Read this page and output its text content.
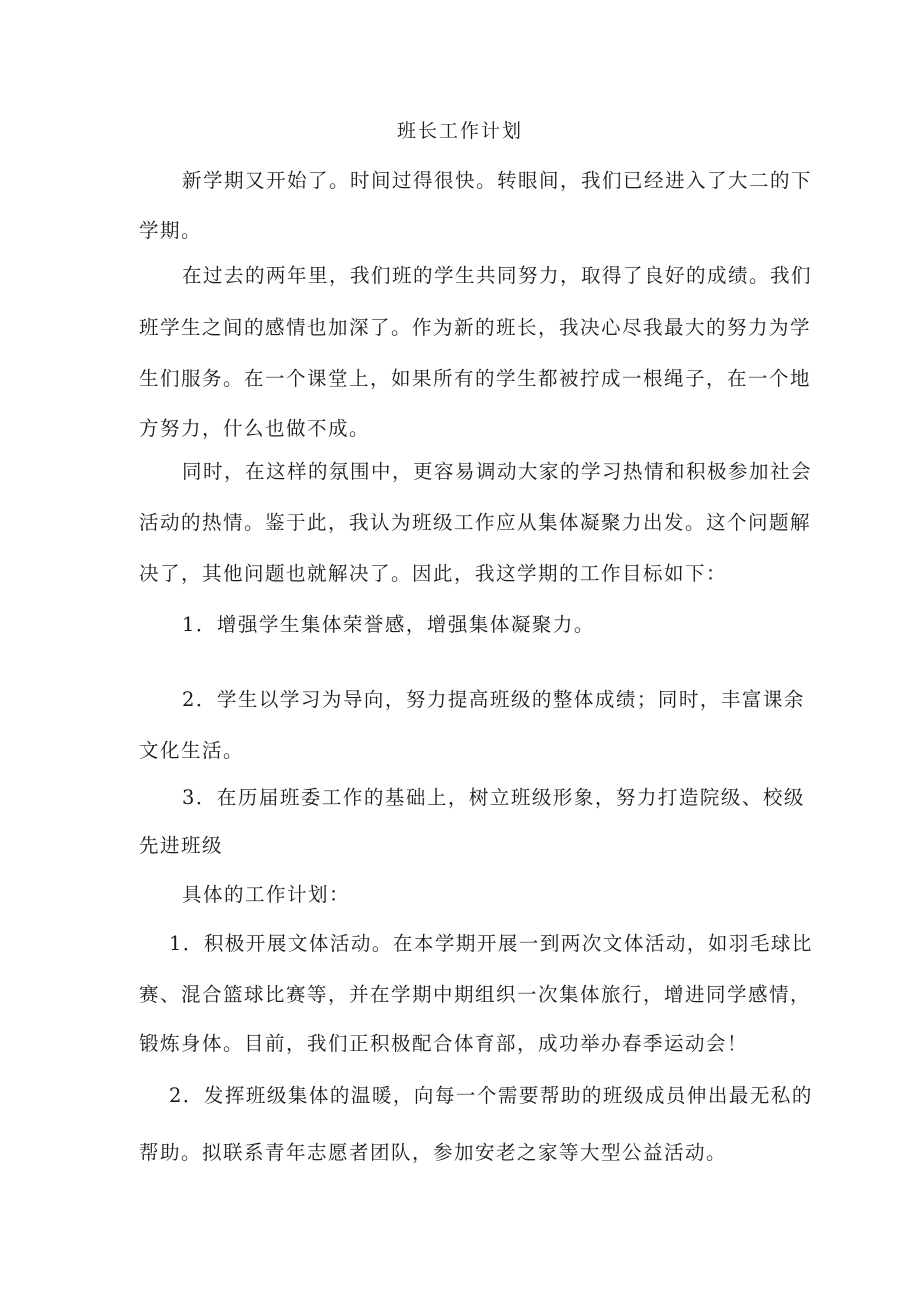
班长工作计划
新学期又开始了。时间过得很快。转眼间，我们已经进入了大二的下
学期。
在过去的两年里，我们班的学生共同努力，取得了良好的成绩。我们
班学生之间的感情也加深了。作为新的班长，我决心尽我最大的努力为学
生们服务。在一个课堂上，如果所有的学生都被拧成一根绳子，在一个地
方努力，什么也做不成。
同时，在这样的氛围中，更容易调动大家的学习热情和积极参加社会
活动的热情。鉴于此，我认为班级工作应从集体凝聚力出发。这个问题解
决了，其他问题也就解决了。因此，我这学期的工作目标如下：
1．增强学生集体荣誉感，增强集体凝聚力。
2．学生以学习为导向，努力提高班级的整体成绩；同时，丰富课余
文化生活。
3．在历届班委工作的基础上，树立班级形象，努力打造院级、校级
先进班级
具体的工作计划：
1．积极开展文体活动。在本学期开展一到两次文体活动，如羽毛球比
赛、混合篮球比赛等，并在学期中期组织一次集体旅行，增进同学感情，
锻炼身体。目前，我们正积极配合体育部，成功举办春季运动会！
2．发挥班级集体的温暖，向每一个需要帮助的班级成员伸出最无私的
帮助。拟联系青年志愿者团队，参加安老之家等大型公益活动。
